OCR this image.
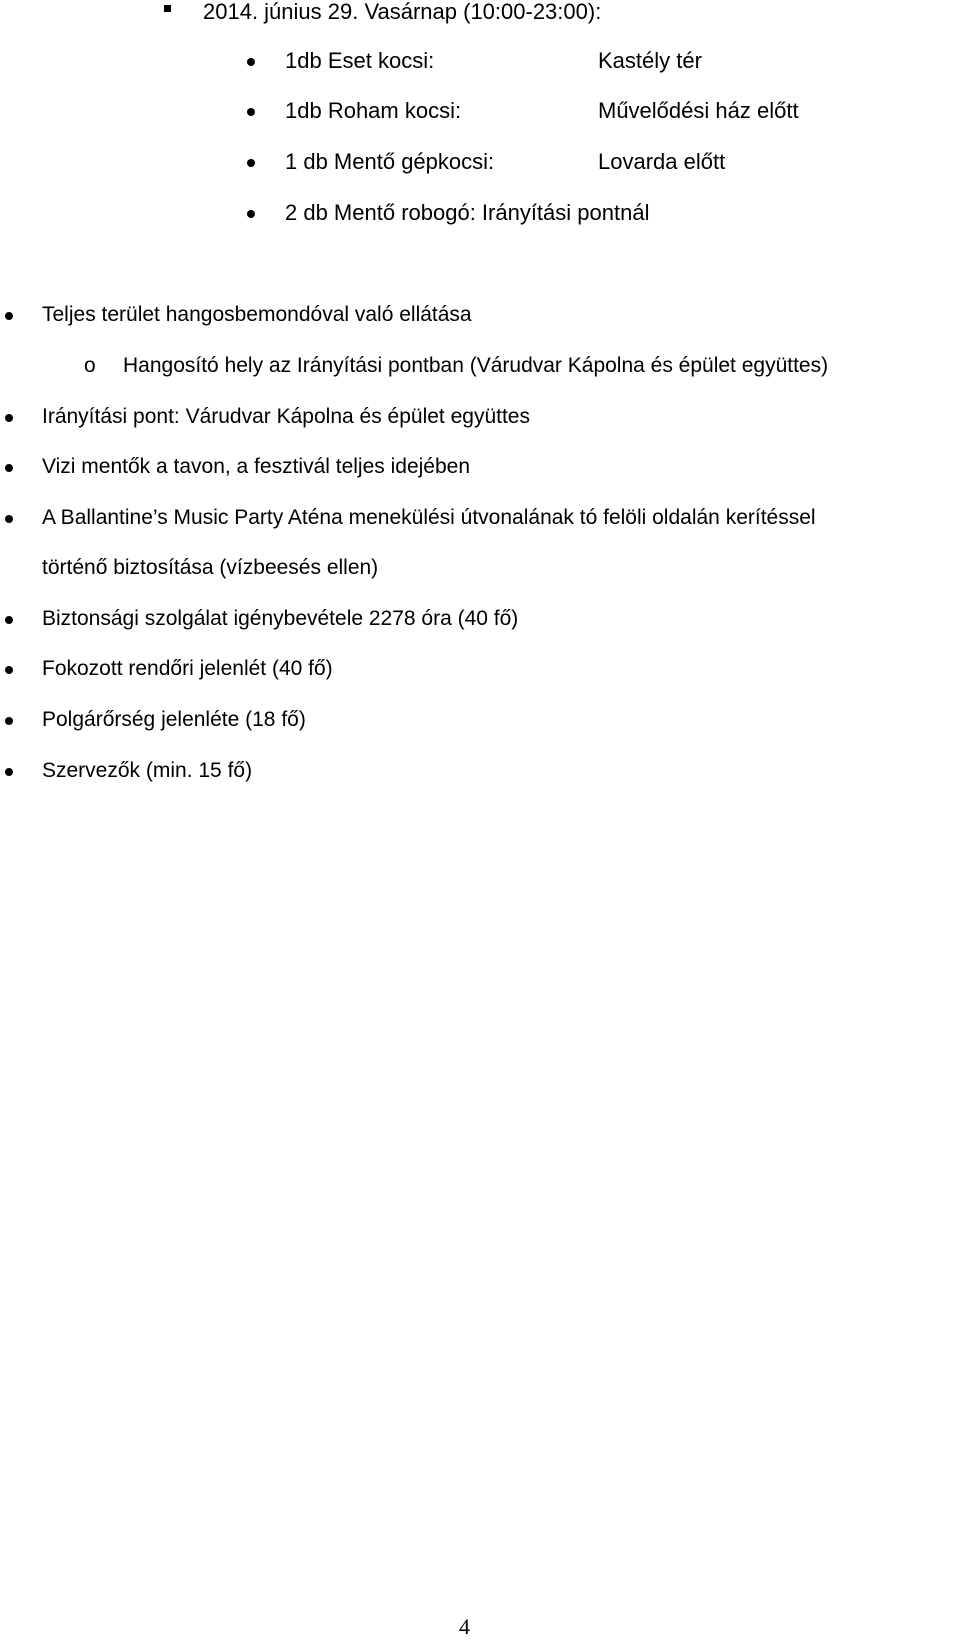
2014. június 29. Vasárnap (10:00-23:00):
1db Eset kocsi:	Kastély tér
1db Roham kocsi:	Művelődési ház előtt
1 db Mentő gépkocsi:	Lovarda előtt
2 db Mentő robogó: Irányítási pontnál
Teljes terület hangosbemondóval való ellátása
o Hangosító hely az Irányítási pontban (Várudvar Kápolna és épület együttes)
Irányítási pont: Várudvar Kápolna és épület együttes
Vizi mentők a tavon, a fesztivál teljes idejében
A Ballantine’s Music Party Aténa menekülési útvonalának tó felöli oldalán kerítéssel
történő biztosítása (vízbeesés ellen)
Biztonsági szolgálat igénybevétele 2278 óra (40 fő)
Fokozott rendőri jelenlét (40 fő)
Polgárőrség jelenléte (18 fő)
Szervezők (min. 15 fő)
4
